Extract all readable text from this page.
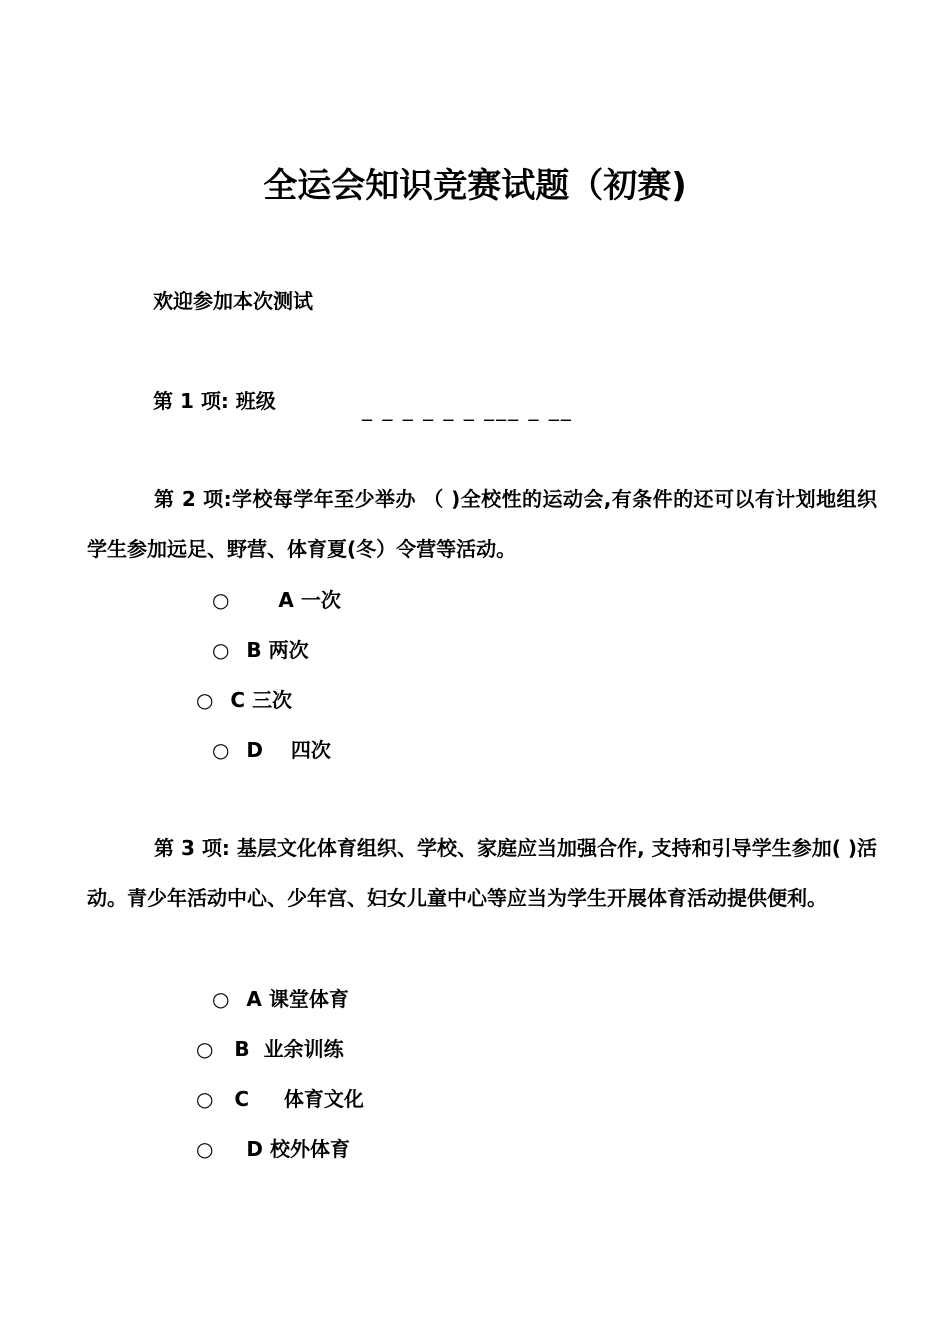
全运会知识竞赛试题（初赛)
欢迎参加本次测试
第 1 项: 班级	_ _ _ _ _ _ ___ _ __
第 2 项:学校每学年至少举办 （ )全校性的运动会,有条件的还可以有计划地组织学生参加远足、野营、体育夏(冬）令营等活动。
○ A 一次
○ B 两次
○ C 三次
○ D    四次
第 3 项: 基层文化体育组织、学校、家庭应当加强合作, 支持和引导学生参加( )活动。青少年活动中心、少年宫、妇女儿童中心等应当为学生开展体育活动提供便利。
○ A 课堂体育
○ B  业余训练
○ C     体育文化
○ D 校外体育
